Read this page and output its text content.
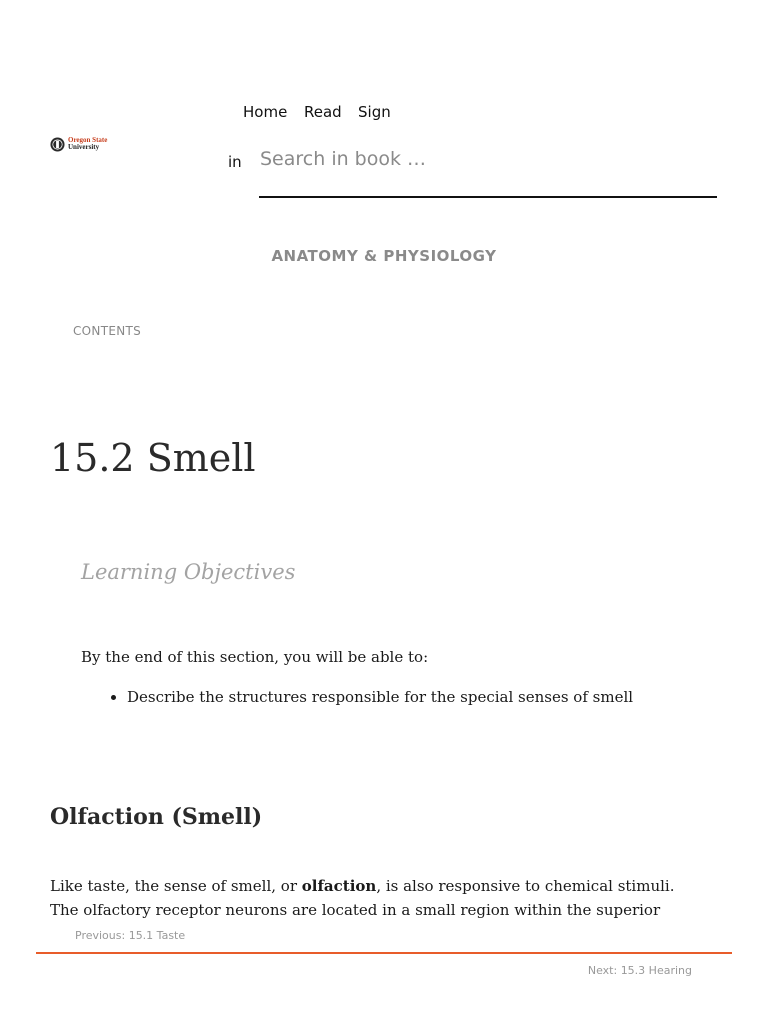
Oregon State
University
Home Read Sign
in
Search in book …
ANATOMY & PHYSIOLOGY
CONTENTS
15.2 Smell
Learning Objectives

By the end of this section, you will be able to:

• Describe the structures responsible for the special senses of smell
Olfaction (Smell)

Like taste, the sense of smell, or olfaction, is also responsive to chemical stimuli. The olfactory receptor neurons are located in a small region within the superior

Previous: 15.1 Taste
Next: 15.3 Hearing
